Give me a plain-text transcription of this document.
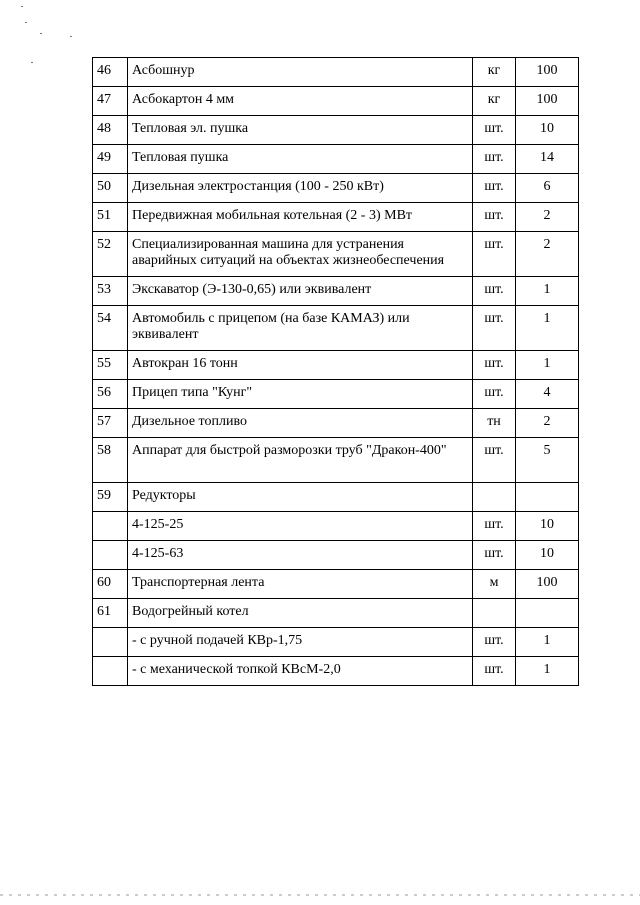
46	Асбошнур	кг	100
47	Асбокартон 4 мм	кг	100
48	Тепловая эл. пушка	шт.	10
49	Тепловая пушка	шт.	14
50	Дизельная электростанция (100 - 250 кВт)	шт.	6
51	Передвижная мобильная котельная (2 - 3) МВт	шт.	2
52	Специализированная машина для устранения аварийных ситуаций на объектах жизнеобеспечения	шт.	2
53	Экскаватор (Э-130-0,65) или эквивалент	шт.	1
54	Автомобиль с прицепом (на базе КАМАЗ) или эквивалент	шт.	1
55	Автокран 16 тонн	шт.	1
56	Прицеп типа "Кунг"	шт.	4
57	Дизельное топливо	тн	2
58	Аппарат для быстрой разморозки труб "Дракон-400"	шт.	5
59	Редукторы		
	4-125-25	шт.	10
	4-125-63	шт.	10
60	Транспортерная лента	м	100
61	Водогрейный котел		
	- с ручной подачей КВр-1,75	шт.	1
	- с механической топкой КВсМ-2,0	шт.	1
